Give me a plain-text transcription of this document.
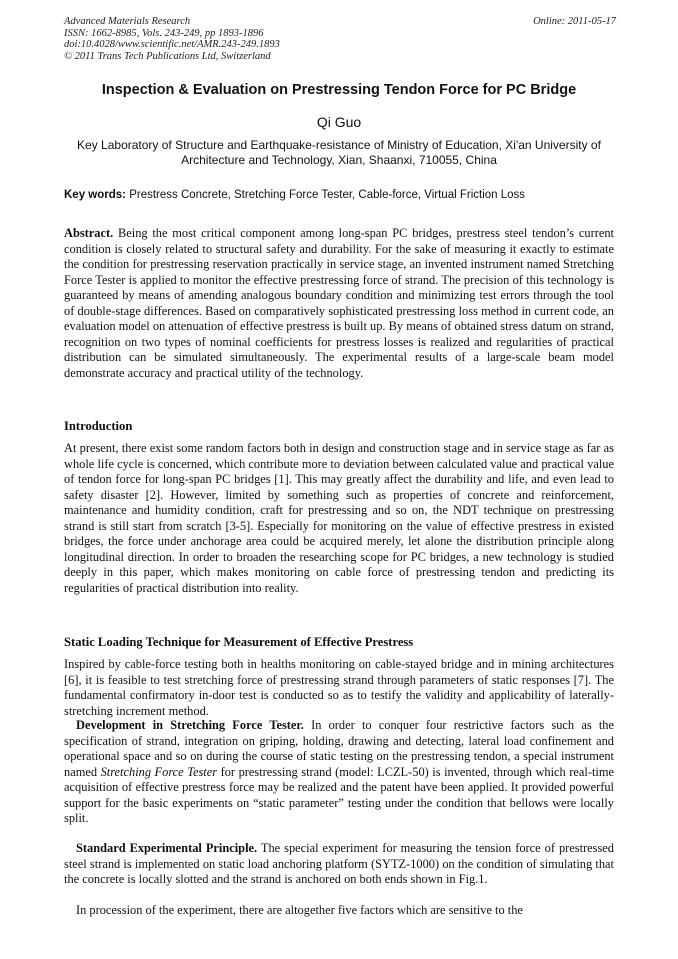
Advanced Materials Research
ISSN: 1662-8985, Vols. 243-249, pp 1893-1896
doi:10.4028/www.scientific.net/AMR.243-249.1893
© 2011 Trans Tech Publications Ltd, Switzerland
Online: 2011-05-17
Inspection & Evaluation on Prestressing Tendon Force for PC Bridge
Qi Guo
Key Laboratory of Structure and Earthquake-resistance of Ministry of Education, Xi'an University of
Architecture and Technology, Xian, Shaanxi, 710055, China
Key words: Prestress Concrete, Stretching Force Tester, Cable-force, Virtual Friction Loss

Abstract. Being the most critical component among long-span PC bridges, prestress steel tendon’s current condition is closely related to structural safety and durability. For the sake of measuring it exactly to estimate the condition for prestressing reservation practically in service stage, an invented instrument named Stretching Force Tester is applied to monitor the effective prestressing force of strand. The precision of this technology is guaranteed by means of amending analogous boundary condition and minimizing test errors through the tool of double-stage differences. Based on comparatively sophisticated prestressing loss method in current code, an evaluation model on attenuation of effective prestress is built up. By means of obtained stress datum on strand, recognition on two types of nominal coefficients for prestress losses is realized and regularities of practical distribution can be simulated simultaneously. The experimental results of a large-scale beam model demonstrate accuracy and practical utility of the technology.

Introduction

At present, there exist some random factors both in design and construction stage and in service stage as far as whole life cycle is concerned, which contribute more to deviation between calculated value and practical value of tendon force for long-span PC bridges [1]. This may greatly affect the durability and life, and even lead to safety disaster [2]. However, limited by something such as properties of concrete and reinforcement, maintenance and humidity condition, craft for prestressing and so on, the NDT technique on prestressing strand is still start from scratch [3-5]. Especially for monitoring on the value of effective prestress in existed bridges, the force under anchorage area could be acquired merely, let alone the distribution principle along longitudinal direction. In order to broaden the researching scope for PC bridges, a new technology is studied deeply in this paper, which makes monitoring on cable force of prestressing tendon and predicting its regularities of practical distribution into reality.

Static Loading Technique for Measurement of Effective Prestress

Inspired by cable-force testing both in healths monitoring on cable-stayed bridge and in mining architectures [6], it is feasible to test stretching force of prestressing strand through parameters of static responses [7]. The fundamental confirmatory in-door test is conducted so as to testify the validity and applicability of laterally-stretching increment method.

Development in Stretching Force Tester. In order to conquer four restrictive factors such as the specification of strand, integration on griping, holding, drawing and detecting, lateral load confinement and operational space and so on during the course of static testing on the prestressing tendon, a special instrument named Stretching Force Tester for prestressing strand (model: LCZL-50) is invented, through which real-time acquisition of effective prestress force may be realized and the patent have been applied. It provided powerful support for the basic experiments on “static parameter” testing under the condition that bellows were locally split.

Standard Experimental Principle. The special experiment for measuring the tension force of prestressed steel strand is implemented on static load anchoring platform (SYTZ-1000) on the condition of simulating that the concrete is locally slotted and the strand is anchored on both ends shown in Fig.1.

In procession of the experiment, there are altogether five factors which are sensitive to the
